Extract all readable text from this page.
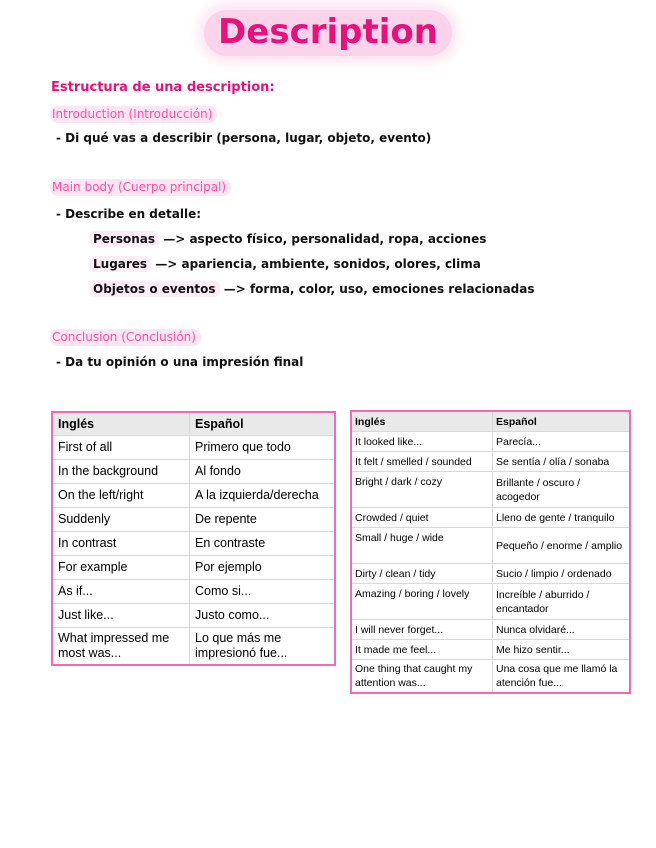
Description
Estructura de una description:
Introduction (Introducción)
- Di qué vas a describir (persona, lugar, objeto, evento)
Main body (Cuerpo principal)
- Describe en detalle:
Personas —> aspecto físico, personalidad, ropa, acciones
Lugares —> apariencia, ambiente, sonidos, olores, clima
Objetos o eventos —> forma, color, uso, emociones relacionadas
Conclusion (Conclusión)
- Da tu opinión o una impresión final
Inglés	Español
First of all	Primero que todo
In the background	Al fondo
On the left/right	A la izquierda/derecha
Suddenly	De repente
In contrast	En contraste
For example	Por ejemplo
As if...	Como si...
Just like...	Justo como...
What impressed me most was...	Lo que más me impresionó fue...
Inglés	Español
It looked like...	Parecía...
It felt / smelled / sounded	Se sentía / olía / sonaba
Bright / dark / cozy	Brillante / oscuro / acogedor
Crowded / quiet	Lleno de gente / tranquilo
Small / huge / wide	Pequeño / enorme / amplio
Dirty / clean / tidy	Sucio / limpio / ordenado
Amazing / boring / lovely	Increíble / aburrido / encantador
I will never forget...	Nunca olvidaré...
It made me feel...	Me hizo sentir...
One thing that caught my attention was...	Una cosa que me llamó la atención fue...
